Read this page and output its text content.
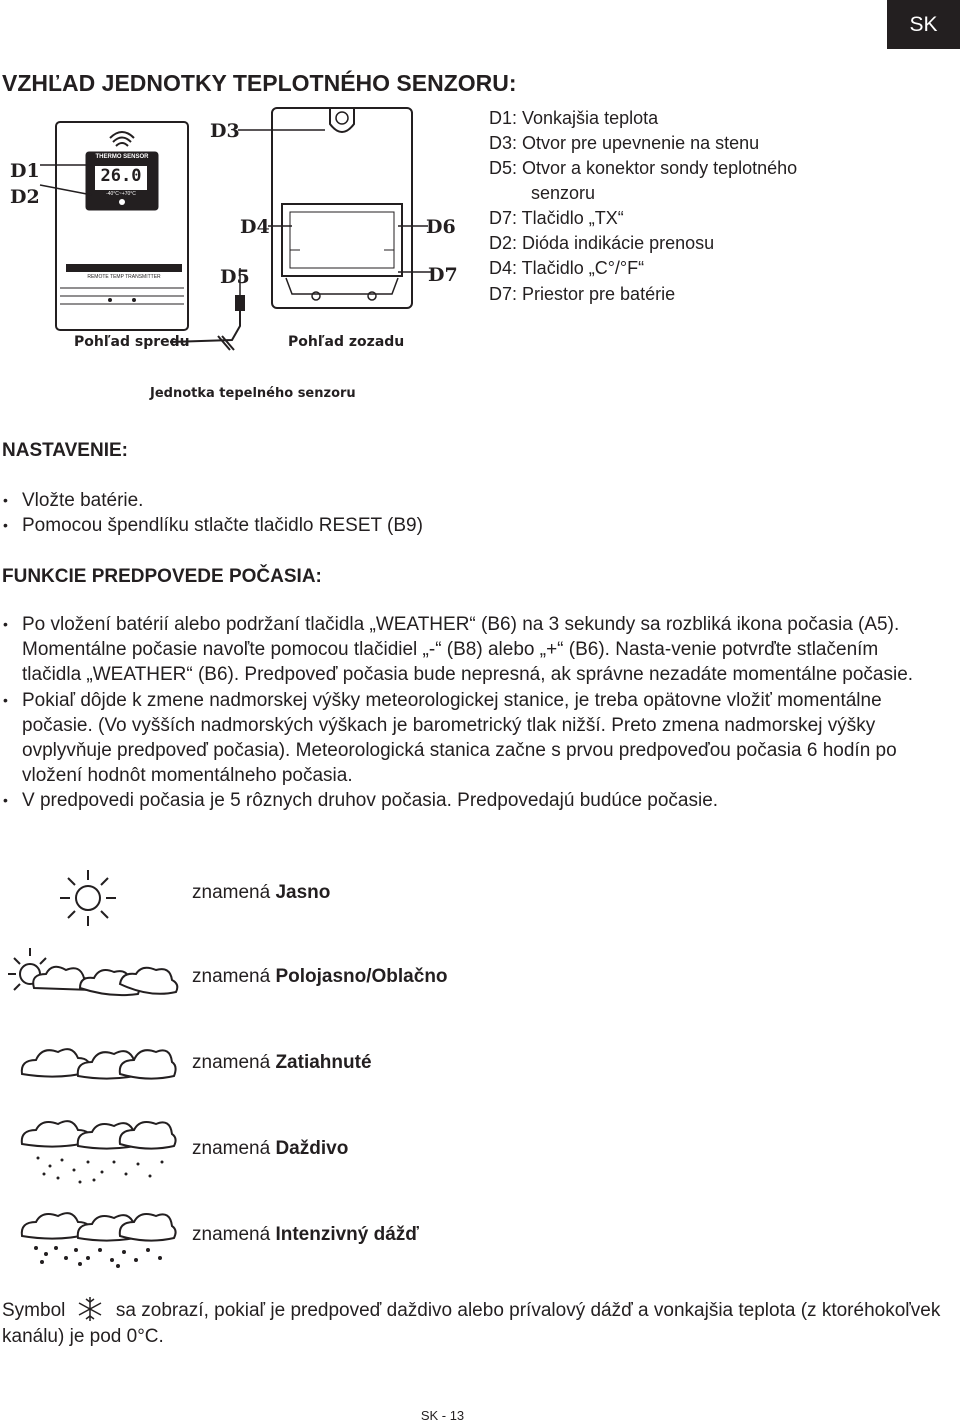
SK
VZHĽAD JEDNOTKY TEPLOTNÉHO SENZORU:
THERMO SENSOR
26.0
-40°C~+70°C
REMOTE TEMP TRANSMITTER
D1
D2
D3
D4
D5
D6
D7
Pohľad spredu	Pohľad zozadu
Jednotka tepelného senzoru
D1: Vonkajšia teplota
D3: Otvor pre upevnenie na stenu
D5: Otvor a konektor sondy teplotného
senzoru
D7: Tlačidlo „TX“
D2: Dióda indikácie prenosu
D4: Tlačidlo „C°/°F“
D7: Priestor pre batérie
NASTAVENIE:
• Vložte batérie.
• Pomocou špendlíku stlačte tlačidlo RESET (B9)
FUNKCIE PREDPOVEDE POČASIA:
• Po vložení batérií alebo podržaní tlačidla „WEATHER“ (B6) na 3 sekundy sa rozbliká ikona počasia (A5). Momentálne počasie navoľte pomocou tlačidiel „-“ (B8) alebo „+“ (B6). Nasta-venie potvrďte stlačením tlačidla „WEATHER“ (B6). Predpoveď počasia bude nepresná, ak správne nezadáte momentálne počasie.
• Pokiaľ dôjde k zmene nadmorskej výšky meteorologickej stanice, je treba opätovne vložiť momentálne počasie. (Vo vyšších nadmorských výškach je barometrický tlak nižší. Preto zmena nadmorskej výšky ovplyvňuje predpoveď počasia). Meteorologická stanica začne s prvou predpoveďou počasia 6 hodín po vložení hodnôt momentálneho počasia.
• V predpovedi počasia je 5 rôznych druhov počasia. Predpovedajú budúce počasie.
znamená Jasno
znamená Polojasno/Oblačno
znamená Zatiahnuté
znamená Daždivo
znamená Intenzivný dážď
Symbol	sa zobrazí, pokiaľ je predpoveď daždivo alebo prívalový dážď a vonkajšia teplota (z ktoréhokoľvek kanálu) je pod 0°C.
SK - 13
